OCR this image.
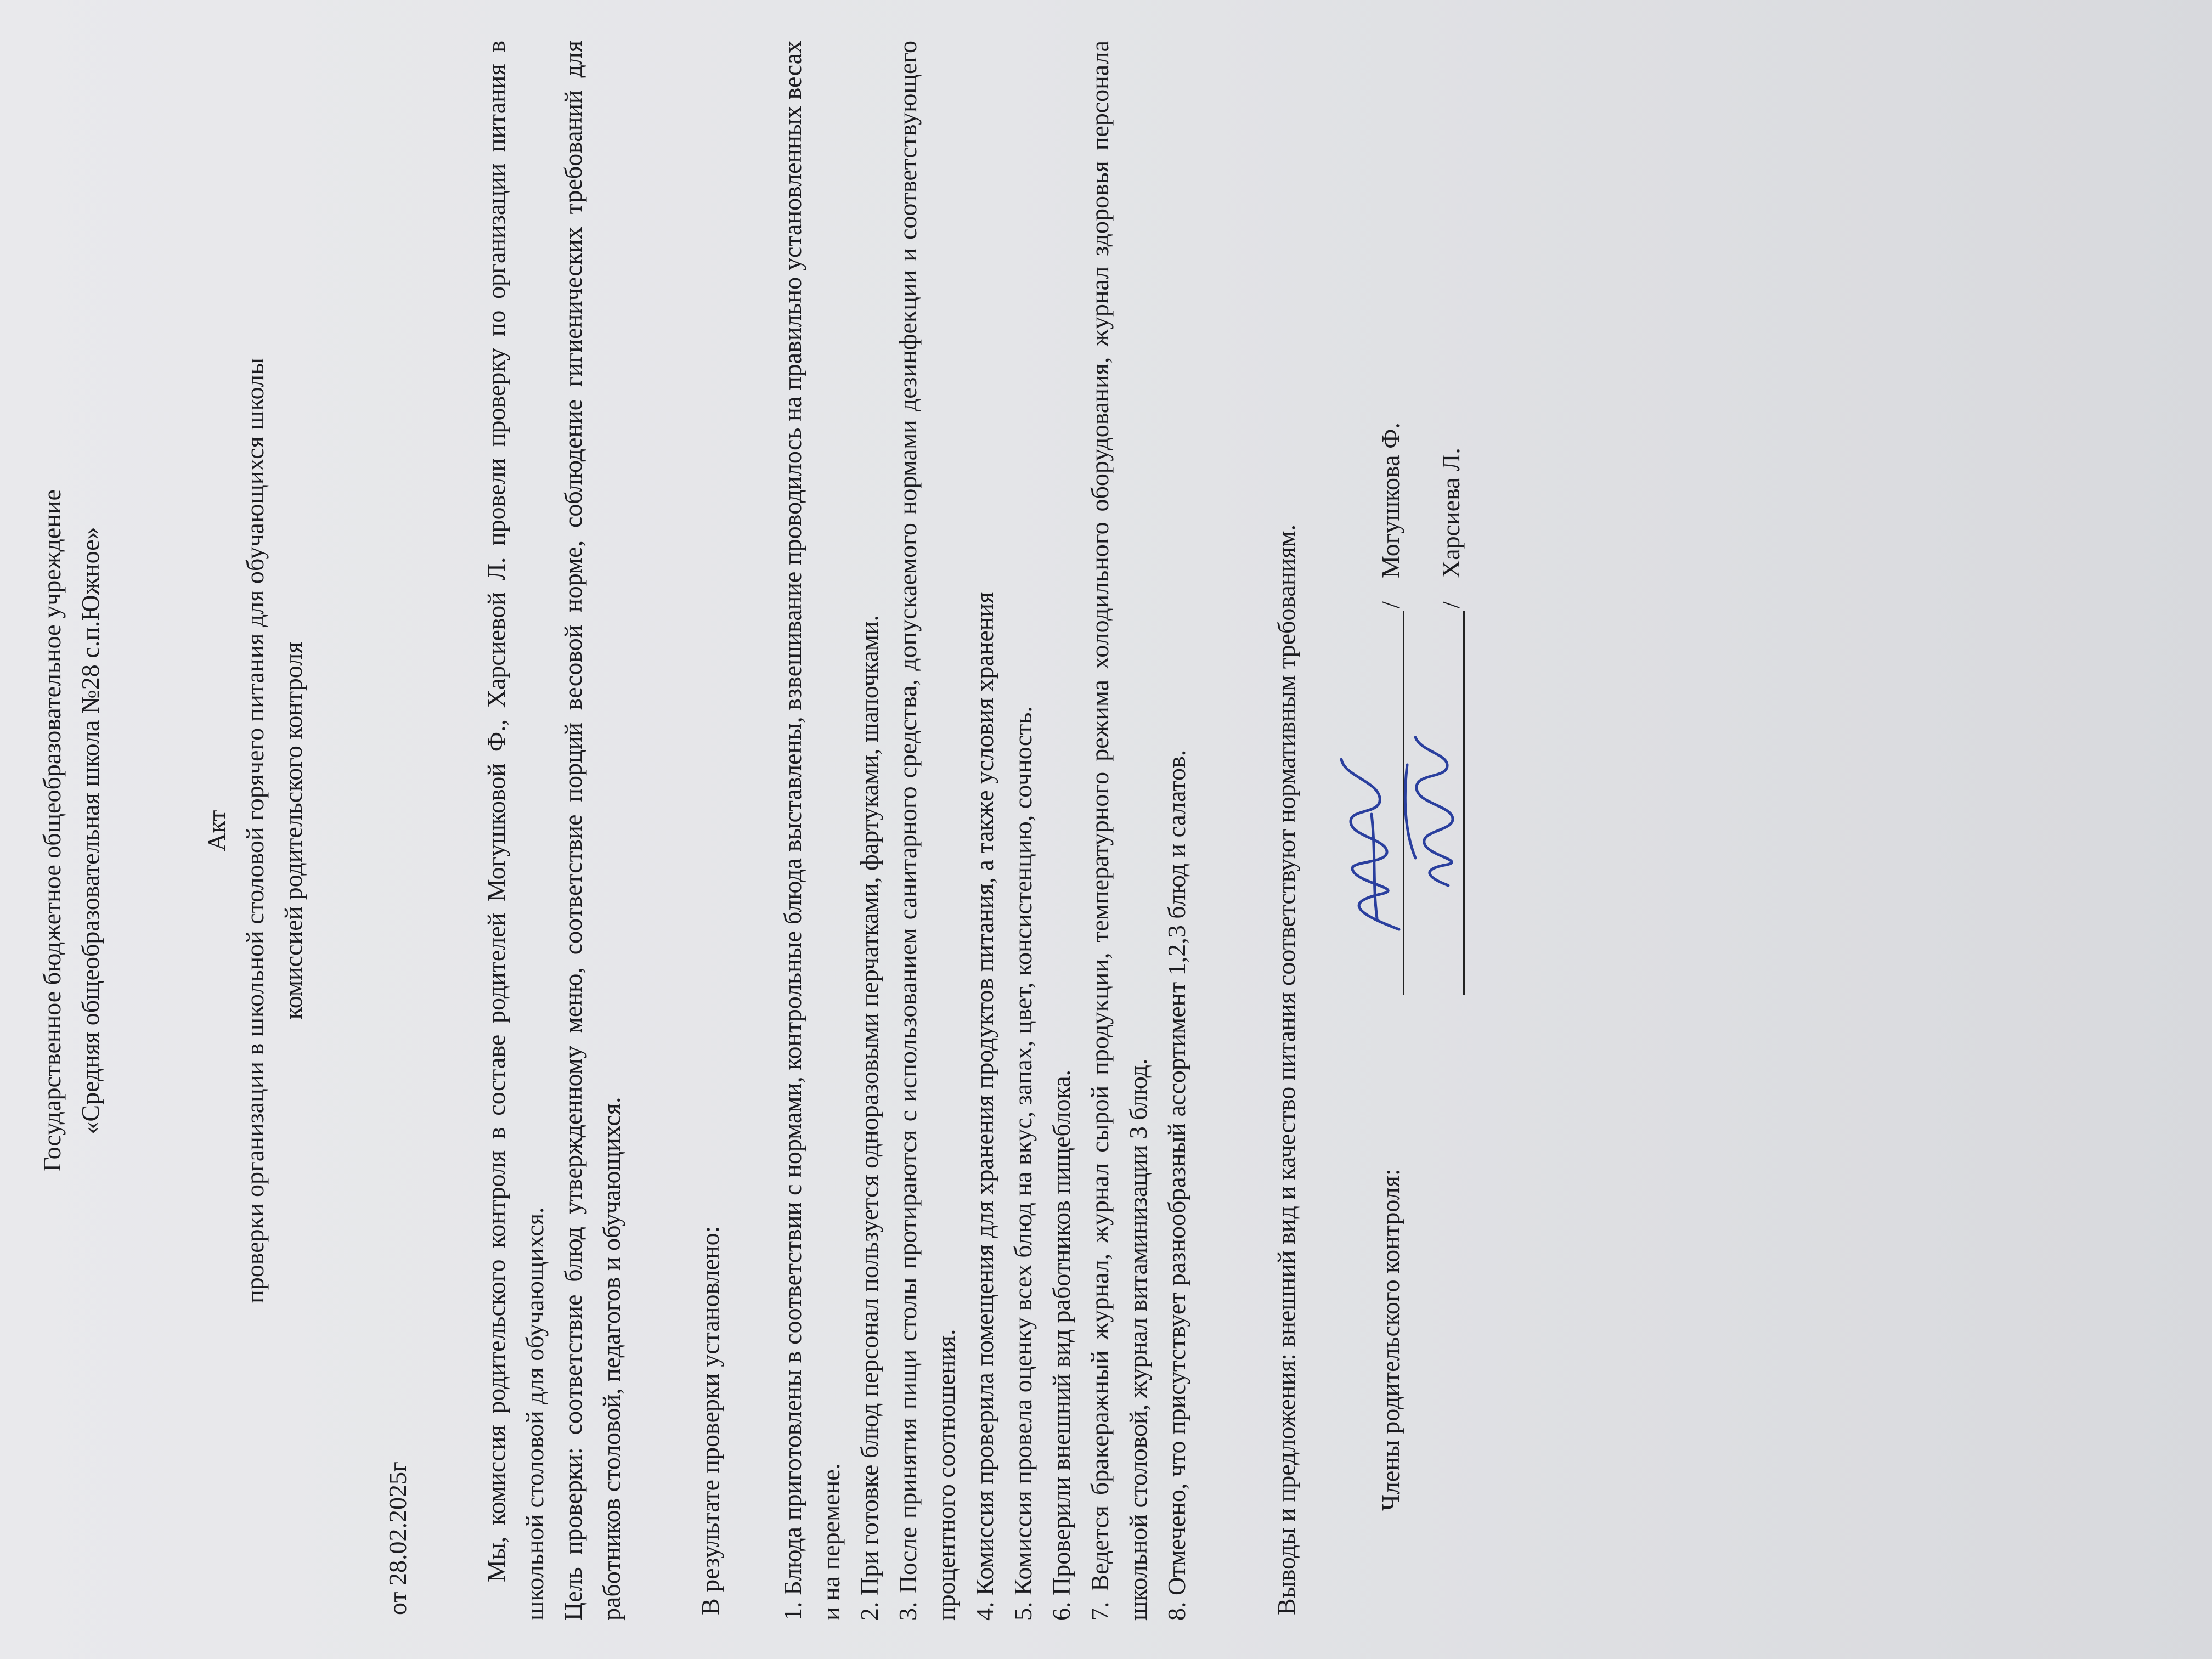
Государственное бюджетное общеобразовательное учреждение «Средняя общеобразовательная школа №28 с.п.Южное»	Акт проверки организации в школьной столовой горячего питания для обучающихся школы комиссией родительского контроля

от 28.02.2025г	Мы, комиссия родительского контроля в составе родителей Могушковой Ф., Харсиевой Л. провели проверку по организации питания в школьной столовой для обучающихся. Цель проверки: соответствие блюд утвержденному меню, соответствие порций весовой норме, соблюдение гигиенических требований для работников столовой, педагогов и обучающихся.	В результате проверки установлено: 1. Блюда приготовлены в соответствии с нормами, контрольные блюда выставлены, взвешивание проводилось на правильно установленных весах и на перемене. 2. При готовке блюд персонал пользуется одноразовыми перчатками, фартуками, шапочками. 3. После принятия пищи столы протираются с использованием санитарного средства, допускаемого нормами дезинфекции и соответствующего процентного соотношения. 4. Комиссия проверила помещения для хранения продуктов питания, а также условия хранения 5. Комиссия провела оценку всех блюд на вкус, запах, цвет, консистенцию, сочность. 6. Проверили внешний вид работников пищеблока. 7. Ведется бракеражный журнал, журнал сырой продукции, температурного режима холодильного оборудования, журнал здоровья персонала школьной столовой, журнал витаминизации 3 блюд. 8. Отмечено, что присутствует разнообразный ассортимент 1,2,3 блюд и салатов.	Выводы и предложения: внешний вид и качество питания соответствуют нормативным требованиям.	Члены родительского контроля:
/
Могушкова Ф.
/
Харсиева Л.
